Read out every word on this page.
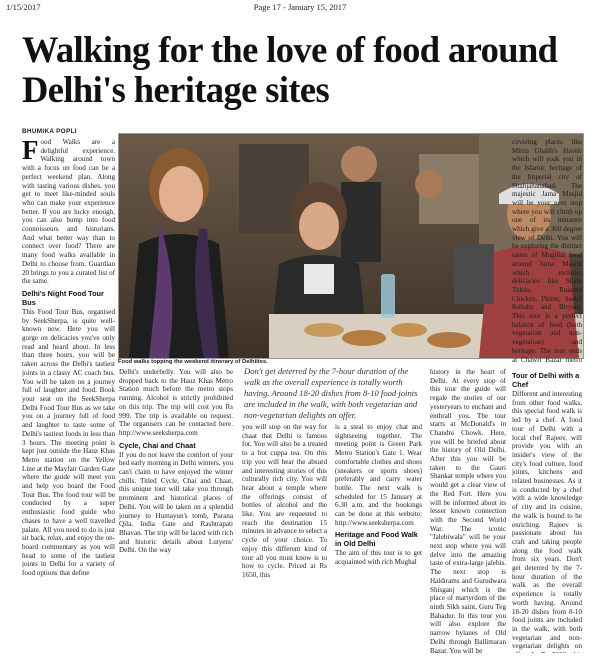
1/15/2017	Page 17 - January 15, 2017
Walking for the love of food around Delhi's heritage sites
BHUMIKA POPLI

Food Walks are a delightful experience. Walking around town with a focus on food can be a perfect weekend plan. Along with tasting various dishes, you get to meet like-minded souls who can make your experience better. If you are lucky enough, you can also bump into food connoisseurs and historians. And what better way than to connect over food? There are many food walks available in Delhi to choose from. Guardian 20 brings to you a curated list of the same.

Delhi's Night Food Tour Bus

This Food Tour Bus, organised by SeekSherpa, is quite well-known now. Here you will gorge on delicacies you've only read and heard about. In less than three hours, you will be taken across the Delhi's tastiest joints in a classy AC coach bus. You will be taken on a journey full of laughter and food. Book your seat on the SeekSherpa Delhi Food Tour Bus as we take you on a journey full of food and laughter to taste some of Delhi's tastiest foods in less than 3 hours. The meeting point is kept just outside the Hauz Khas Metro station on the Yellow Line at the Mayfair Garden Gate where the guide will meet you and help you board the Food Tour Bus. The food tour will be conducted by a super enthusiastic food guide who chases to have a well travelled palate. All you need to do is just sit back, relax, and enjoy the on-board commentary as you will head to some of the tastiest joints in Delhi for a variety of food options that define

Food walks topping the weekend itinerary of Delhiites.
Don't get deterred by the 7-hour duration of the walk as the overall experience is totally worth having. Around 18-20 dishes from 8-10 food joints are included in the walk, with both vegetarian and non-vegetarian delights on offer.

Delhi's underbelly. You will also be dropped back to the Hauz Khas Metro Station much before the metro stops running. Alcohol is strictly prohibited on this trip. The trip will cost you Rs 999. The trip is available on request. The organisers can be contacted here. http://www.seeksherpa.com

Cycle, Chai and Chaat

If you do not leave the comfort of your bed early morning in Delhi winters, you can't claim to have enjoyed the winter chills. Titled Cycle, Chai and Chaat, this unique tour will take you through prominent and historical places of Delhi. You will be taken on a splendid journey to Humayun's tomb, Purana Qila, India Gate and Rashtrapati Bhavan. The trip will be laced with rich and historic details about Lutyens' Delhi. On the way

you will stop on the way for chaat that Delhi is famous for. You will also be a treated to a hot cuppa tea. On this trip you will hear the absurd and interesting stories of this culturally rich city. You will hear about a temple where the offerings consist of bottles of alcohol and the like. You are requested to reach the destination 15 minutes in advance to select a cycle of your choice. To enjoy this different kind of tour all you must know is to how to cycle. Priced at Rs 1650, this

is a steal to enjoy chat and sightseeing together. The meeting point is Green Park Metro Station's Gate 1. Wear comfortable clothes and shoes (sneakers or sports shoes) preferably and carry water bottle. The next walk is scheduled for 15 January at 6.30 a.m. and the bookings can be done at this website: http://www.seeksherpa.com

Heritage and Food Walk in Old Delhi

The aim of this tour is to get acquainted with rich Mughal

history in the heart of Delhi. At every stop of this tour the guide will regale the stories of our yesteryears to enchant and enthrall you. The tour starts at McDonald's in Chandni Chowk. Here, you will be briefed about the history of Old Delhi. After this you will be taken to the Gauri Shankar temple where you would get a clear view of the Red Fort. Here you will be informed about its lesser known connection with the Second World War. The iconic "Jalebiwala" will be your next stop where you will delve into the amazing taste of extra-large jalebis. The next stop is Haldirams and Gurudwara Shisganj which is the place of martyrdom of the ninth Sikh saint, Guru Teg Bahadur. In this tour you will also explore the narrow bylanes of Old Delhi through Ballimaran Bazar. You will be

covering places like Mirza Ghalib's Haveli which will soak you in the Islamic heritage of the Imperial city of Shahjahanabad. The majestic Jama Masjid will be your next stop where you will climb up one of its minarets which give a 360 degree view of Delhi. You will be exploring the distinct tastes of Mughlai food around Jama Masjid which includes delicacies like Shahi Tukda, Roasted Chicken, Phirni, Seekh Kebabs and Biryani. This tour is a perfect balance of food (both vegetarian and non-vegetarian) and heritage. The tour ends at Chawri Bazar metro

Tour of Delhi with a Chef

Different and interesting from other food walks, this special food walk is led by a chef. A food tour of Delhi with a local chef Rajeev, will provide you with an insider's view of the city's food culture, food joints, kitchens and related businesses. As it is conducted by a chef with a wide knowledge of city and its cuisine, the walk is bound to be enriching. Rajeev is passionate about his craft and taking people along the food walk from six years. Don't get deterred by the 7-hour duration of the walk as the overall experience is totally worth having. Around 18-20 dishes from 8-10 food joints are included in the walk, with both vegetarian and non-vegetarian delights on
